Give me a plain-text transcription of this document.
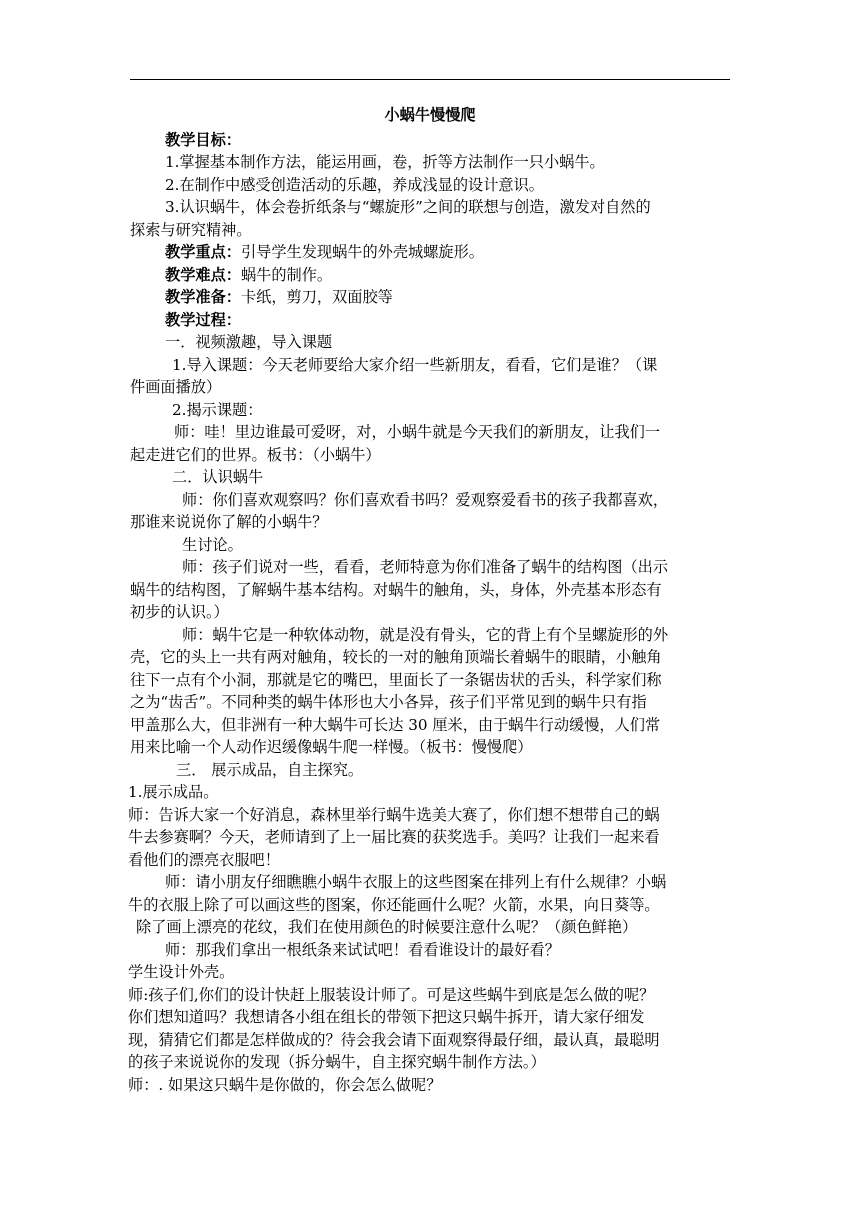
小蜗牛慢慢爬
教学目标：
1.掌握基本制作方法，能运用画，卷，折等方法制作一只小蜗牛。
2.在制作中感受创造活动的乐趣，养成浅显的设计意识。
3.认识蜗牛，体会卷折纸条与“螺旋形”之间的联想与创造，激发对自然的
探索与研究精神。
教学重点：引导学生发现蜗牛的外壳城螺旋形。
教学难点：蜗牛的制作。
教学准备：卡纸，剪刀，双面胶等
教学过程：
一．视频激趣，导入课题
1.导入课题：今天老师要给大家介绍一些新朋友，看看，它们是谁？（课
件画面播放）
2.揭示课题：
师：哇！里边谁最可爱呀，对，小蜗牛就是今天我们的新朋友，让我们一
起走进它们的世界。板书：（小蜗牛）
二．认识蜗牛
师：你们喜欢观察吗？你们喜欢看书吗？爱观察爱看书的孩子我都喜欢，
那谁来说说你了解的小蜗牛？
生讨论。
师：孩子们说对一些，看看，老师特意为你们准备了蜗牛的结构图（出示
蜗牛的结构图，了解蜗牛基本结构。对蜗牛的触角，头，身体，外壳基本形态有
初步的认识。）
师：蜗牛它是一种软体动物，就是没有骨头，它的背上有个呈螺旋形的外
壳，它的头上一共有两对触角，较长的一对的触角顶端长着蜗牛的眼睛，小触角
往下一点有个小洞，那就是它的嘴巴，里面长了一条锯齿状的舌头，科学家们称
之为“齿舌”。不同种类的蜗牛体形也大小各异，孩子们平常见到的蜗牛只有指
甲盖那么大，但非洲有一种大蜗牛可长达 30 厘米，由于蜗牛行动缓慢，人们常
用来比喻一个人动作迟缓像蜗牛爬一样慢。（板书：慢慢爬）
三． 展示成品，自主探究。
1.展示成品。
师：告诉大家一个好消息，森林里举行蜗牛选美大赛了，你们想不想带自己的蜗
牛去参赛啊？今天，老师请到了上一届比赛的获奖选手。美吗？让我们一起来看
看他们的漂亮衣服吧！
师：请小朋友仔细瞧瞧小蜗牛衣服上的这些图案在排列上有什么规律？小蜗
牛的衣服上除了可以画这些的图案，你还能画什么呢？火箭，水果，向日葵等。
除了画上漂亮的花纹，我们在使用颜色的时候要注意什么呢？（颜色鲜艳）
师：那我们拿出一根纸条来试试吧！看看谁设计的最好看？
学生设计外壳。
师:孩子们,你们的设计快赶上服装设计师了。可是这些蜗牛到底是怎么做的呢？
你们想知道吗？我想请各小组在组长的带领下把这只蜗牛拆开，请大家仔细发
现，猜猜它们都是怎样做成的？待会我会请下面观察得最仔细，最认真，最聪明
的孩子来说说你的发现（拆分蜗牛，自主探究蜗牛制作方法。）
师：. 如果这只蜗牛是你做的，你会怎么做呢？
